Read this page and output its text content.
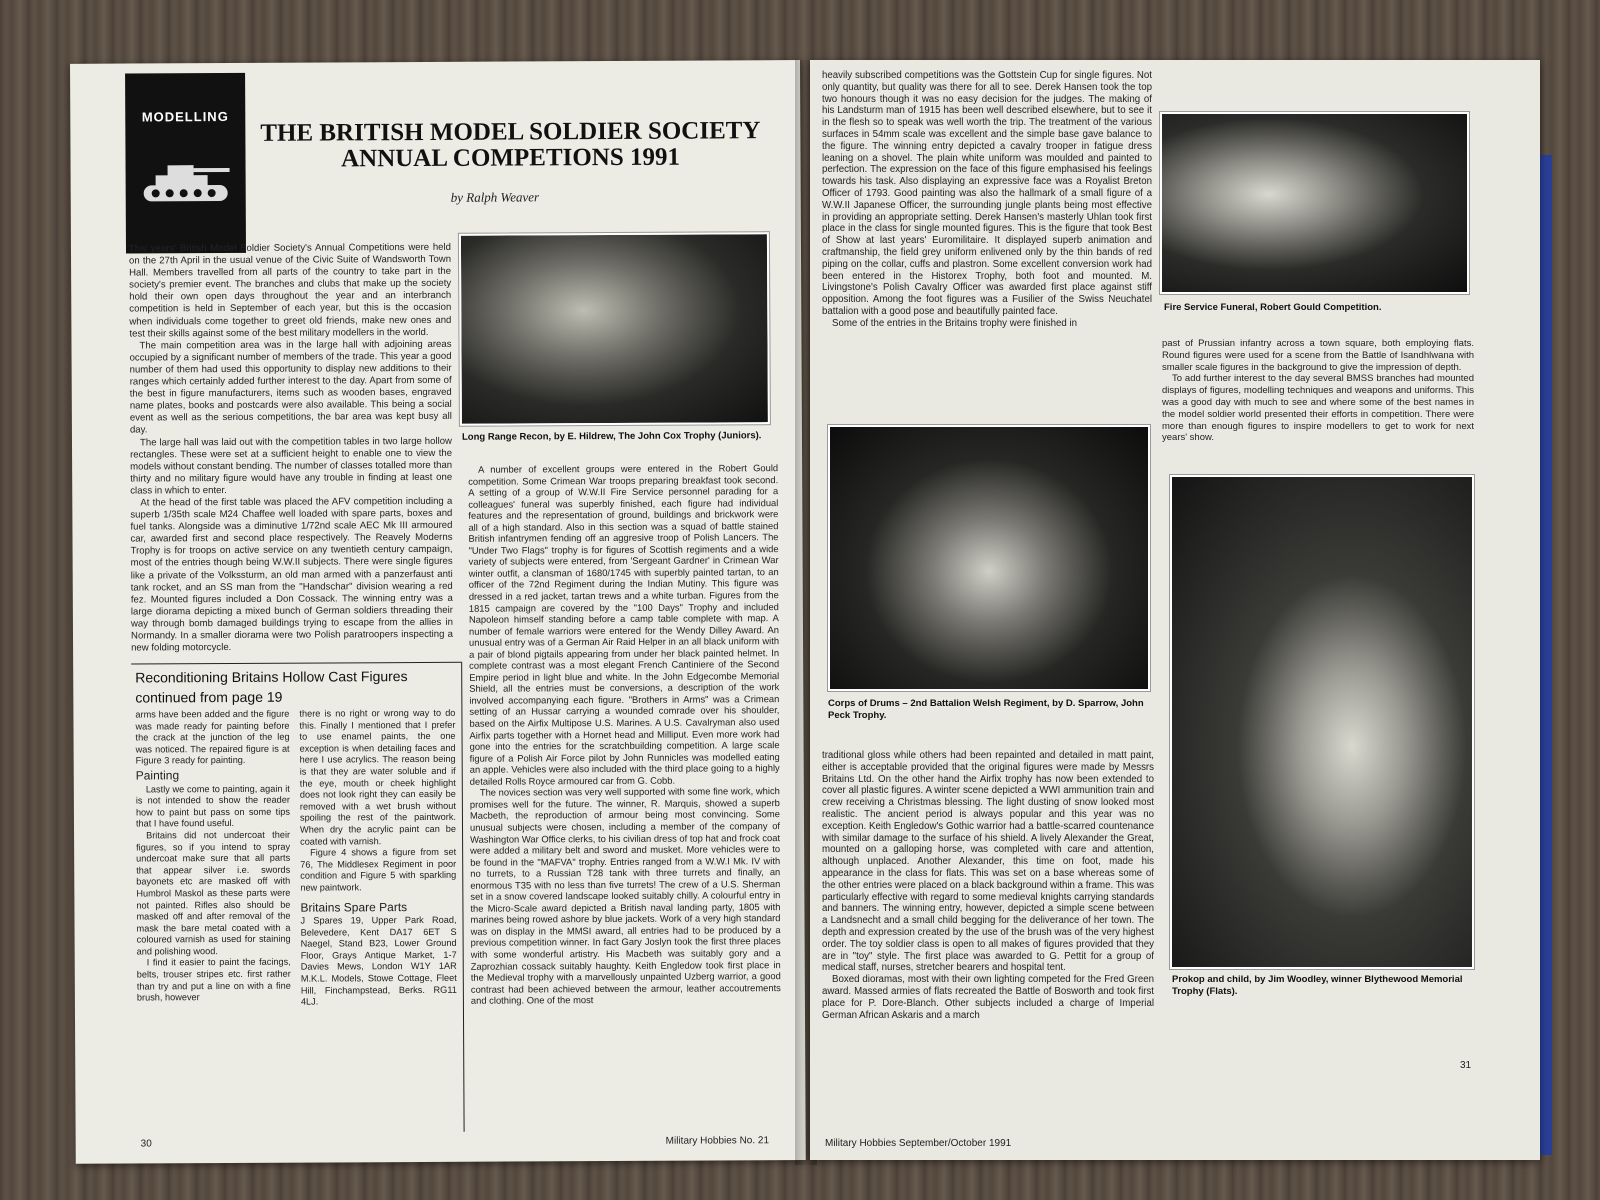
MODELLING
THE BRITISH MODEL SOLDIER SOCIETY ANNUAL COMPETIONS 1991
by Ralph Weaver

This years' British Model Soldier Society's Annual Competitions were held on the 27th April in the usual venue of the Civic Suite of Wandsworth Town Hall. Members travelled from all parts of the country to take part in the society's premier event. The branches and clubs that make up the society hold their own open days throughout the year and an interbranch competition is held in September of each year, but this is the occasion when individuals come together to greet old friends, make new ones and test their skills against some of the best military modellers in the world.

The main competition area was in the large hall with adjoining areas occupied by a significant number of members of the trade. This year a good number of them had used this opportunity to display new additions to their ranges which certainly added further interest to the day. Apart from some of the best in figure manufacturers, items such as wooden bases, engraved name plates, books and postcards were also available. This being a social event as well as the serious competitions, the bar area was kept busy all day.

The large hall was laid out with the competition tables in two large hollow rectangles. These were set at a sufficient height to enable one to view the models without constant bending. The number of classes totalled more than thirty and no military figure would have any trouble in finding at least one class in which to enter.

At the head of the first table was placed the AFV competition including a superb 1/35th scale M24 Chaffee well loaded with spare parts, boxes and fuel tanks. Alongside was a diminutive 1/72nd scale AEC Mk III armoured car, awarded first and second place respectively. The Reavely Moderns Trophy is for troops on active service on any twentieth century campaign, most of the entries though being W.W.II subjects. There were single figures like a private of the Volkssturm, an old man armed with a panzerfaust anti tank rocket, and an SS man from the "Handschar" division wearing a red fez. Mounted figures included a Don Cossack. The winning entry was a large diorama depicting a mixed bunch of German soldiers threading their way through bomb damaged buildings trying to escape from the allies in Normandy. In a smaller diorama were two Polish paratroopers inspecting a new folding motorcycle.

Long Range Recon, by E. Hildrew, The John Cox Trophy (Juniors).
Reconditioning Britains Hollow Cast Figures
continued from page 19

arms have been added and the figure was made ready for painting before the crack at the junction of the leg was noticed. The repaired figure is at Figure 3 ready for painting.

Painting

Lastly we come to painting, again it is not intended to show the reader how to paint but pass on some tips that I have found useful.

Britains did not undercoat their figures, so if you intend to spray undercoat make sure that all parts that appear silver i.e. swords bayonets etc are masked off with Humbrol Maskol as these parts were not painted. Rifles also should be masked off and after removal of the mask the bare metal coated with a coloured varnish as used for staining and polishing wood.

I find it easier to paint the facings, belts, trouser stripes etc. first rather than try and put a line on with a fine brush, however

there is no right or wrong way to do this. Finally I mentioned that I prefer to use enamel paints, the one exception is when detailing faces and here I use acrylics. The reason being is that they are water soluble and if the eye, mouth or cheek highlight does not look right they can easily be removed with a wet brush without spoiling the rest of the paintwork. When dry the acrylic paint can be coated with varnish.

Figure 4 shows a figure from set 76, The Middlesex Regiment in poor condition and Figure 5 with sparkling new paintwork.

Britains Spare Parts

J Spares 19, Upper Park Road, Belevedere, Kent DA17 6ET S Naegel, Stand B23, Lower Ground Floor, Grays Antique Market, 1-7 Davies Mews, London W1Y 1AR M.K.L. Models, Stowe Cottage, Fleet Hill, Finchampstead, Berks. RG11 4LJ.

A number of excellent groups were entered in the Robert Gould competition. Some Crimean War troops preparing breakfast took second. A setting of a group of W.W.II Fire Service personnel parading for a colleagues' funeral was superbly finished, each figure had individual features and the representation of ground, buildings and brickwork were all of a high standard. Also in this section was a squad of battle stained British infantrymen fending off an aggresive troop of Polish Lancers. The "Under Two Flags" trophy is for figures of Scottish regiments and a wide variety of subjects were entered, from 'Sergeant Gardner' in Crimean War winter outfit, a clansman of 1680/1745 with superbly painted tartan, to an officer of the 72nd Regiment during the Indian Mutiny. This figure was dressed in a red jacket, tartan trews and a white turban. Figures from the 1815 campaign are covered by the "100 Days" Trophy and included Napoleon himself standing before a camp table complete with map. A number of female warriors were entered for the Wendy Dilley Award. An unusual entry was of a German Air Raid Helper in an all black uniform with a pair of blond pigtails appearing from under her black painted helmet. In complete contrast was a most elegant French Cantiniere of the Second Empire period in light blue and white. In the John Edgecombe Memorial Shield, all the entries must be conversions, a description of the work involved accompanying each figure. "Brothers in Arms" was a Crimean setting of an Hussar carrying a wounded comrade over his shoulder, based on the Airfix Multipose U.S. Marines. A U.S. Cavalryman also used Airfix parts together with a Hornet head and Milliput. Even more work had gone into the entries for the scratchbuilding competition. A large scale figure of a Polish Air Force pilot by John Runnicles was modelled eating an apple. Vehicles were also included with the third place going to a highly detailed Rolls Royce armoured car from G. Cobb.

The novices section was very well supported with some fine work, which promises well for the future. The winner, R. Marquis, showed a superb Macbeth, the reproduction of armour being most convincing. Some unusual subjects were chosen, including a member of the company of Washington War Office clerks, to his civilian dress of top hat and frock coat were added a military belt and sword and musket. More vehicles were to be found in the "MAFVA" trophy. Entries ranged from a W.W.I Mk. IV with no turrets, to a Russian T28 tank with three turrets and finally, an enormous T35 with no less than five turrets! The crew of a U.S. Sherman set in a snow covered landscape looked suitably chilly. A colourful entry in the Micro-Scale award depicted a British naval landing party, 1805 with marines being rowed ashore by blue jackets. Work of a very high standard was on display in the MMSI award, all entries had to be produced by a previous competition winner. In fact Gary Joslyn took the first three places with some wonderful artistry. His Macbeth was suitably gory and a Zaprozhian cossack suitably haughty. Keith Engledow took first place in the Medieval trophy with a marvellously unpainted Uzberg warrior, a good contrast had been achieved between the armour, leather accoutrements and clothing. One of the most

30	Military Hobbies No. 21

heavily subscribed competitions was the Gottstein Cup for single figures. Not only quantity, but quality was there for all to see. Derek Hansen took the top two honours though it was no easy decision for the judges. The making of his Landsturm man of 1915 has been well described elsewhere, but to see it in the flesh so to speak was well worth the trip. The treatment of the various surfaces in 54mm scale was excellent and the simple base gave balance to the figure. The winning entry depicted a cavalry trooper in fatigue dress leaning on a shovel. The plain white uniform was moulded and painted to perfection. The expression on the face of this figure emphasised his feelings towards his task. Also displaying an expressive face was a Royalist Breton Officer of 1793. Good painting was also the hallmark of a small figure of a W.W.II Japanese Officer, the surrounding jungle plants being most effective in providing an appropriate setting. Derek Hansen's masterly Uhlan took first place in the class for single mounted figures. This is the figure that took Best of Show at last years' Euromilitaire. It displayed superb animation and craftmanship, the field grey uniform enlivened only by the thin bands of red piping on the collar, cuffs and plastron. Some excellent conversion work had been entered in the Historex Trophy, both foot and mounted. M. Livingstone's Polish Cavalry Officer was awarded first place against stiff opposition. Among the foot figures was a Fusilier of the Swiss Neuchatel battalion with a good pose and beautifully painted face.

Some of the entries in the Britains trophy were finished in

Fire Service Funeral, Robert Gould Competition.

past of Prussian infantry across a town square, both employing flats. Round figures were used for a scene from the Battle of Isandhlwana with smaller scale figures in the background to give the impression of depth.

To add further interest to the day several BMSS branches had mounted displays of figures, modelling techniques and weapons and uniforms. This was a good day with much to see and where some of the best names in the model soldier world presented their efforts in competition. There were more than enough figures to inspire modellers to get to work for next years' show.

Corps of Drums – 2nd Battalion Welsh Regiment, by D. Sparrow, John Peck Trophy.
Prokop and child, by Jim Woodley, winner Blythewood Memorial Trophy (Flats).

traditional gloss while others had been repainted and detailed in matt paint, either is acceptable provided that the original figures were made by Messrs Britains Ltd. On the other hand the Airfix trophy has now been extended to cover all plastic figures. A winter scene depicted a WWI ammunition train and crew receiving a Christmas blessing. The light dusting of snow looked most realistic. The ancient period is always popular and this year was no exception. Keith Engledow's Gothic warrior had a battle-scarred countenance with similar damage to the surface of his shield. A lively Alexander the Great, mounted on a galloping horse, was completed with care and attention, although unplaced. Another Alexander, this time on foot, made his appearance in the class for flats. This was set on a base whereas some of the other entries were placed on a black background within a frame. This was particularly effective with regard to some medieval knights carrying standards and banners. The winning entry, however, depicted a simple scene between a Landsnecht and a small child begging for the deliverance of her town. The depth and expression created by the use of the brush was of the very highest order. The toy soldier class is open to all makes of figures provided that they are in "toy" style. The first place was awarded to G. Pettit for a group of medical staff, nurses, stretcher bearers and hospital tent.

Boxed dioramas, most with their own lighting competed for the Fred Green award. Massed armies of flats recreated the Battle of Bosworth and took first place for P. Dore-Blanch. Other subjects included a charge of Imperial German African Askaris and a march

Military Hobbies September/October 1991
31
